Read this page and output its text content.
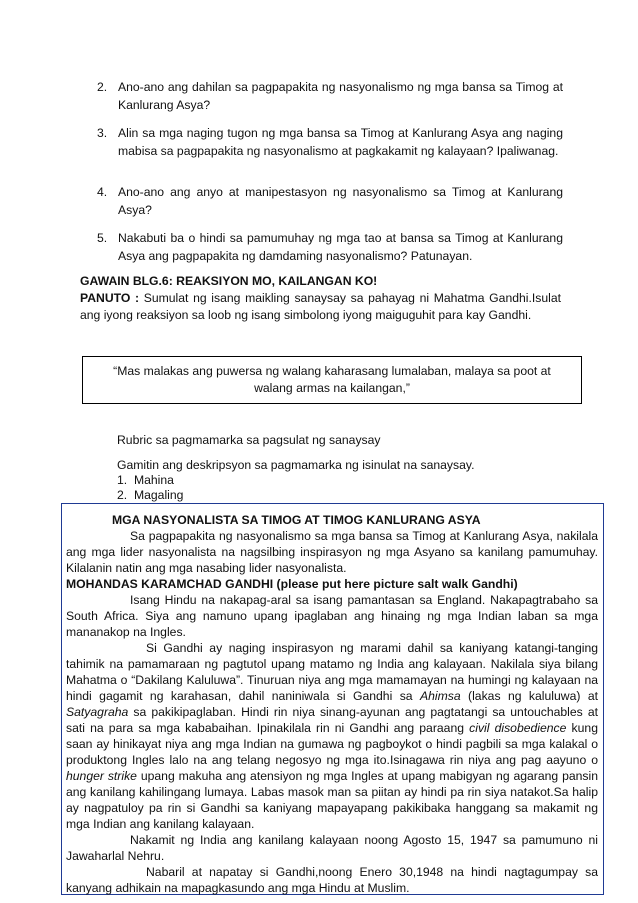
2. Ano-ano ang dahilan sa pagpapakita ng nasyonalismo ng mga bansa sa Timog at Kanlurang Asya?
3. Alin sa mga naging tugon ng mga bansa sa Timog at Kanlurang Asya ang naging mabisa sa pagpapakita ng nasyonalismo at pagkakamit ng kalayaan? Ipaliwanag.
4. Ano-ano ang anyo at manipestasyon ng nasyonalismo sa Timog at Kanlurang Asya?
5. Nakabuti ba o hindi sa pamumuhay ng mga tao at bansa sa Timog at Kanlurang Asya ang pagpapakita ng damdaming nasyonalismo? Patunayan.
GAWAIN BLG.6: REAKSIYON MO, KAILANGAN KO!
PANUTO : Sumulat ng isang maikling sanaysay sa pahayag ni Mahatma Gandhi.Isulat ang iyong reaksiyon sa loob ng isang simbolong iyong maiguguhit para kay Gandhi.
“Mas malakas ang puwersa ng walang kaharasang lumalaban, malaya sa poot at
walang armas na kailangan,”
Rubric sa pagmamarka sa pagsulat ng sanaysay
Gamitin ang deskripsyon sa pagmamarka ng isinulat na sanaysay.
1. Mahina
2. Magaling

MGA NASYONALISTA SA TIMOG AT TIMOG KANLURANG ASYA

Sa pagpapakita ng nasyonalismo sa mga bansa sa Timog at Kanlurang Asya, nakilala ang mga lider nasyonalista na nagsilbing inspirasyon ng mga Asyano sa kanilang pamumuhay. Kilalanin natin ang mga nasabing lider nasyonalista.

MOHANDAS KARAMCHAD GANDHI (please put here picture salt walk Gandhi)

Isang Hindu na nakapag-aral sa isang pamantasan sa England. Nakapagtrabaho sa South Africa. Siya ang namuno upang ipaglaban ang hinaing ng mga Indian laban sa mga mananakop na Ingles.

Si Gandhi ay naging inspirasyon ng marami dahil sa kaniyang katangi-tanging tahimik na pamamaraan ng pagtutol upang matamo ng India ang kalayaan. Nakilala siya bilang Mahatma o “Dakilang Kaluluwa”. Tinuruan niya ang mga mamamayan na humingi ng kalayaan na hindi gagamit ng karahasan, dahil naniniwala si Gandhi sa Ahimsa (lakas ng kaluluwa) at Satyagraha sa pakikipaglaban. Hindi rin niya sinang-ayunan ang pagtatangi sa untouchables at sati na para sa mga kababaihan. Ipinakilala rin ni Gandhi ang paraang civil disobedience kung saan ay hinikayat niya ang mga Indian na gumawa ng pagboykot o hindi pagbili sa mga kalakal o produktong Ingles lalo na ang telang negosyo ng mga ito.Isinagawa rin niya ang pag aayuno o hunger strike upang makuha ang atensiyon ng mga Ingles at upang mabigyan ng agarang pansin ang kanilang kahilingang lumaya. Labas masok man sa piitan ay hindi pa rin siya natakot.Sa halip ay nagpatuloy pa rin si Gandhi sa kaniyang mapayapang pakikibaka hanggang sa makamit ng mga Indian ang kanilang kalayaan.

Nakamit ng India ang kanilang kalayaan noong Agosto 15, 1947 sa pamumuno ni Jawaharlal Nehru.

Nabaril at napatay si Gandhi,noong Enero 30,1948 na hindi nagtagumpay sa kanyang adhikain na mapagkasundo ang mga Hindu at Muslim.
